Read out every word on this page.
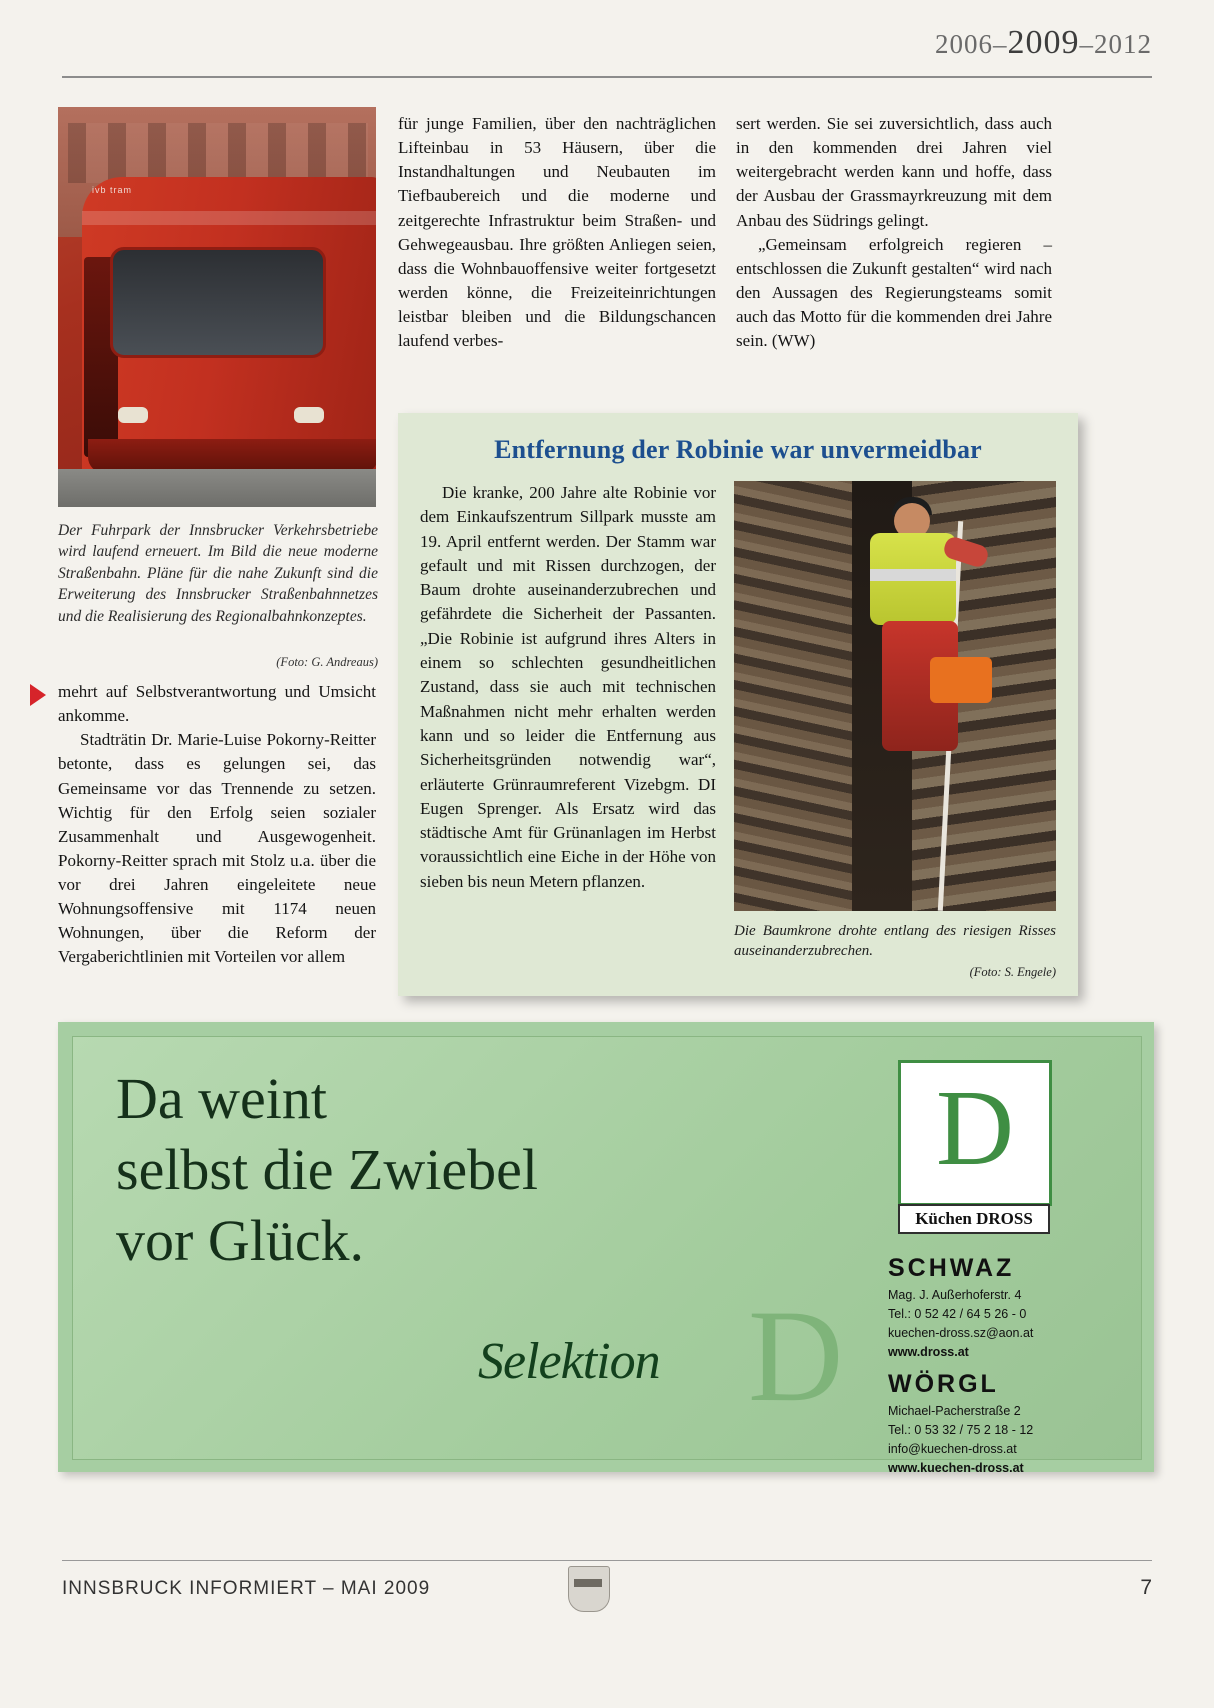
2006–2009–2012
ivb tram
Der Fuhrpark der Innsbrucker Verkehrsbetriebe wird laufend erneuert. Im Bild die neue moderne Straßenbahn. Pläne für die nahe Zukunft sind die Erweiterung des Innsbrucker Straßenbahnnetzes und die Realisierung des Regionalbahnkonzeptes.
(Foto: G. Andreaus)

mehrt auf Selbstverantwortung und Umsicht ankomme.

Stadträtin Dr. Marie-Luise Pokorny-Reitter betonte, dass es gelungen sei, das Gemeinsame vor das Trennende zu setzen. Wichtig für den Erfolg seien sozialer Zusammenhalt und Ausgewogenheit. Pokorny-Reitter sprach mit Stolz u.a. über die vor drei Jahren eingeleitete neue Wohnungsoffensive mit 1174 neuen Wohnungen, über die Reform der Vergaberichtlinien mit Vorteilen vor allem

für junge Familien, über den nachträglichen Lifteinbau in 53 Häusern, über die Instandhaltungen und Neubauten im Tiefbaubereich und die moderne und zeitgerechte Infrastruktur beim Straßen- und Gehwegeausbau. Ihre größten Anliegen seien, dass die Wohnbauoffensive weiter fortgesetzt werden könne, die Freizeiteinrichtungen leistbar bleiben und die Bildungschancen laufend verbes-

sert werden. Sie sei zuversichtlich, dass auch in den kommenden drei Jahren viel weitergebracht werden kann und hoffe, dass der Ausbau der Grassmayrkreuzung mit dem Anbau des Südrings gelingt.

„Gemeinsam erfolgreich regieren – entschlossen die Zukunft gestalten“ wird nach den Aussagen des Regierungsteams somit auch das Motto für die kommenden drei Jahre sein. (WW)

Entfernung der Robinie war unvermeidbar

Die kranke, 200 Jahre alte Robinie vor dem Einkaufszentrum Sillpark musste am 19. April entfernt werden. Der Stamm war gefault und mit Rissen durchzogen, der Baum drohte auseinanderzubrechen und gefährdete die Sicherheit der Passanten. „Die Robinie ist aufgrund ihres Alters in einem so schlechten gesundheitlichen Zustand, dass sie auch mit technischen Maßnahmen nicht mehr erhalten werden kann und so leider die Entfernung aus Sicherheitsgründen notwendig war“, erläuterte Grünraumreferent Vizebgm. DI Eugen Sprenger. Als Ersatz wird das städtische Amt für Grünanlagen im Herbst voraussichtlich eine Eiche in der Höhe von sieben bis neun Metern pflanzen.

Die Baumkrone drohte entlang des riesigen Risses auseinanderzubrechen.
(Foto: S. Engele)
Da weint
selbst die Zwiebel
vor Glück.
Selektion D
D
Küchen DROSS
SCHWAZ
Mag. J. Außerhoferstr. 4
Tel.: 0 52 42 / 64 5 26 - 0
kuechen-dross.sz@aon.at
www.dross.at
WÖRGL
Michael-Pacherstraße 2
Tel.: 0 53 32 / 75 2 18 - 12
info@kuechen-dross.at
www.kuechen-dross.at
INNSBRUCK INFORMIERT – MAI 2009	7
